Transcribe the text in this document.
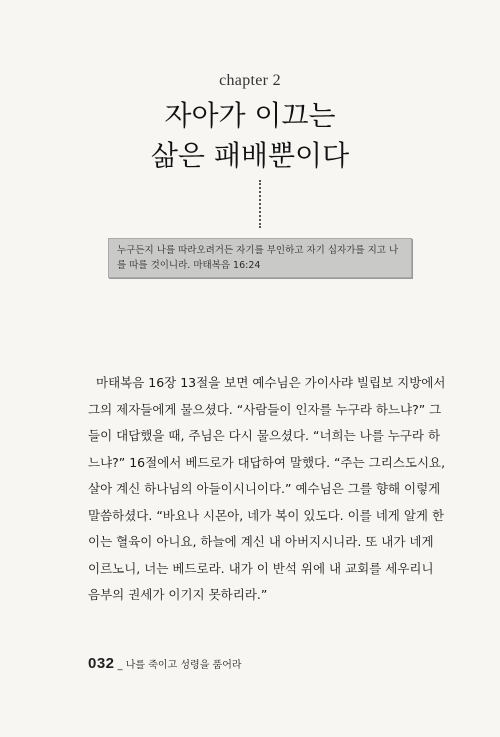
chapter 2
자아가 이끄는
삶은 패배뿐이다
누구든지 나를 따라오려거든 자기를 부인하고 자기 십자가를 지고 나
를 따를 것이니라. 마태복음 16:24
마태복음 16장 13절을 보면 예수님은 가이사랴 빌립보 지방에서
그의 제자들에게 물으셨다. “사람들이 인자를 누구라 하느냐?” 그
들이 대답했을 때, 주님은 다시 물으셨다. “너희는 나를 누구라 하
느냐?” 16절에서 베드로가 대답하여 말했다. “주는 그리스도시요,
살아 계신 하나님의 아들이시니이다.” 예수님은 그를 향해 이렇게
말씀하셨다. “바요나 시몬아, 네가 복이 있도다. 이를 네게 알게 한
이는 혈육이 아니요, 하늘에 계신 내 아버지시니라. 또 내가 네게
이르노니, 너는 베드로라. 내가 이 반석 위에 내 교회를 세우리니
음부의 권세가 이기지 못하리라.”
032 _ 나를 죽이고 성령을 품어라
